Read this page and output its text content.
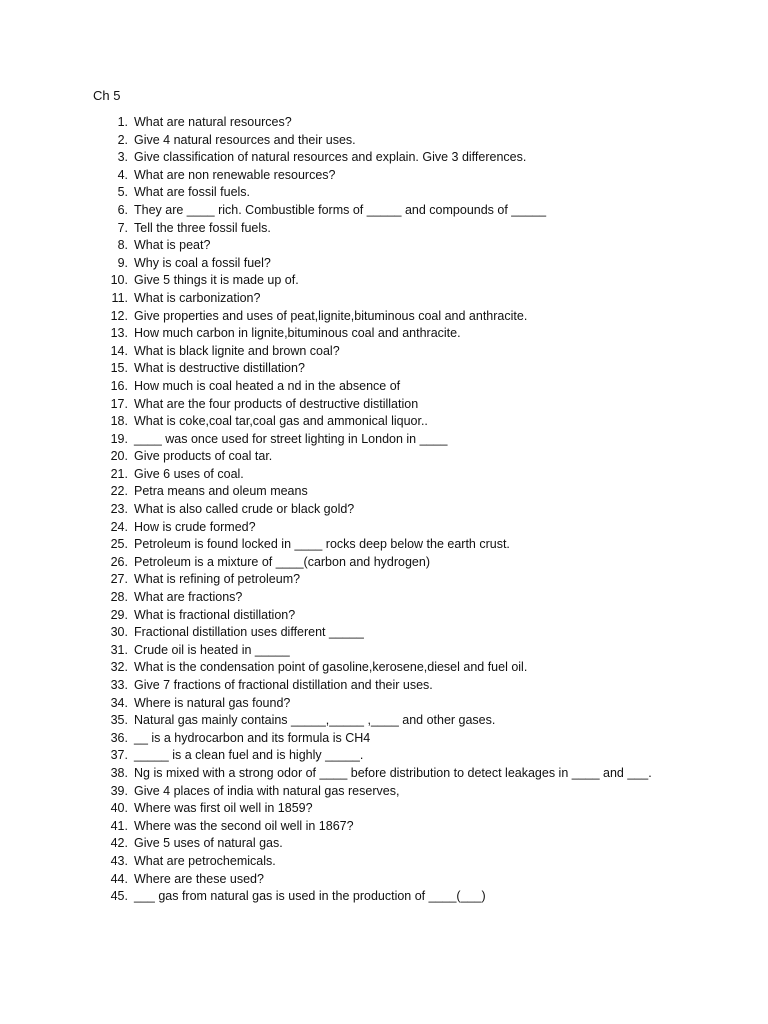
Ch 5
1. What are natural resources?
2. Give 4 natural resources and their uses.
3. Give classification of natural resources and explain. Give 3 differences.
4. What are non renewable resources?
5. What are fossil fuels.
6. They are ____ rich. Combustible forms of _____ and compounds of _____
7. Tell the three fossil fuels.
8. What is peat?
9. Why is coal a fossil fuel?
10. Give 5 things it is made up of.
11. What is carbonization?
12. Give properties and uses of peat,lignite,bituminous coal and anthracite.
13. How much carbon in lignite,bituminous coal and anthracite.
14. What is black lignite and brown coal?
15. What is destructive distillation?
16. How much is coal heated a nd in the absence of
17. What are the four products of destructive distillation
18. What is coke,coal tar,coal gas and ammonical liquor..
19. ____ was once used for street lighting in London in ____
20. Give products of coal tar.
21. Give 6 uses of coal.
22. Petra means and oleum means
23. What is also called crude or black gold?
24. How is crude formed?
25. Petroleum is found locked in ____ rocks deep below the earth crust.
26. Petroleum is a mixture of ____(carbon and hydrogen)
27. What is refining of petroleum?
28. What are fractions?
29. What is fractional distillation?
30. Fractional distillation uses different _____
31. Crude oil is heated in _____
32. What is the condensation point of gasoline,kerosene,diesel and fuel oil.
33. Give 7 fractions of fractional distillation and their uses.
34. Where is natural gas found?
35. Natural gas mainly contains _____,_____ ,____ and other gases.
36. __ is a hydrocarbon and its formula is CH4
37. _____ is a clean fuel and is highly _____.
38. Ng is mixed with a strong odor of ____ before distribution to detect leakages in ____ and ___.
39. Give 4 places of india with natural gas reserves,
40. Where was first oil well in 1859?
41. Where was the second oil well in 1867?
42. Give 5 uses of natural gas.
43. What are petrochemicals.
44. Where are these used?
45. ___ gas from natural gas is used in the production of ____(___)
